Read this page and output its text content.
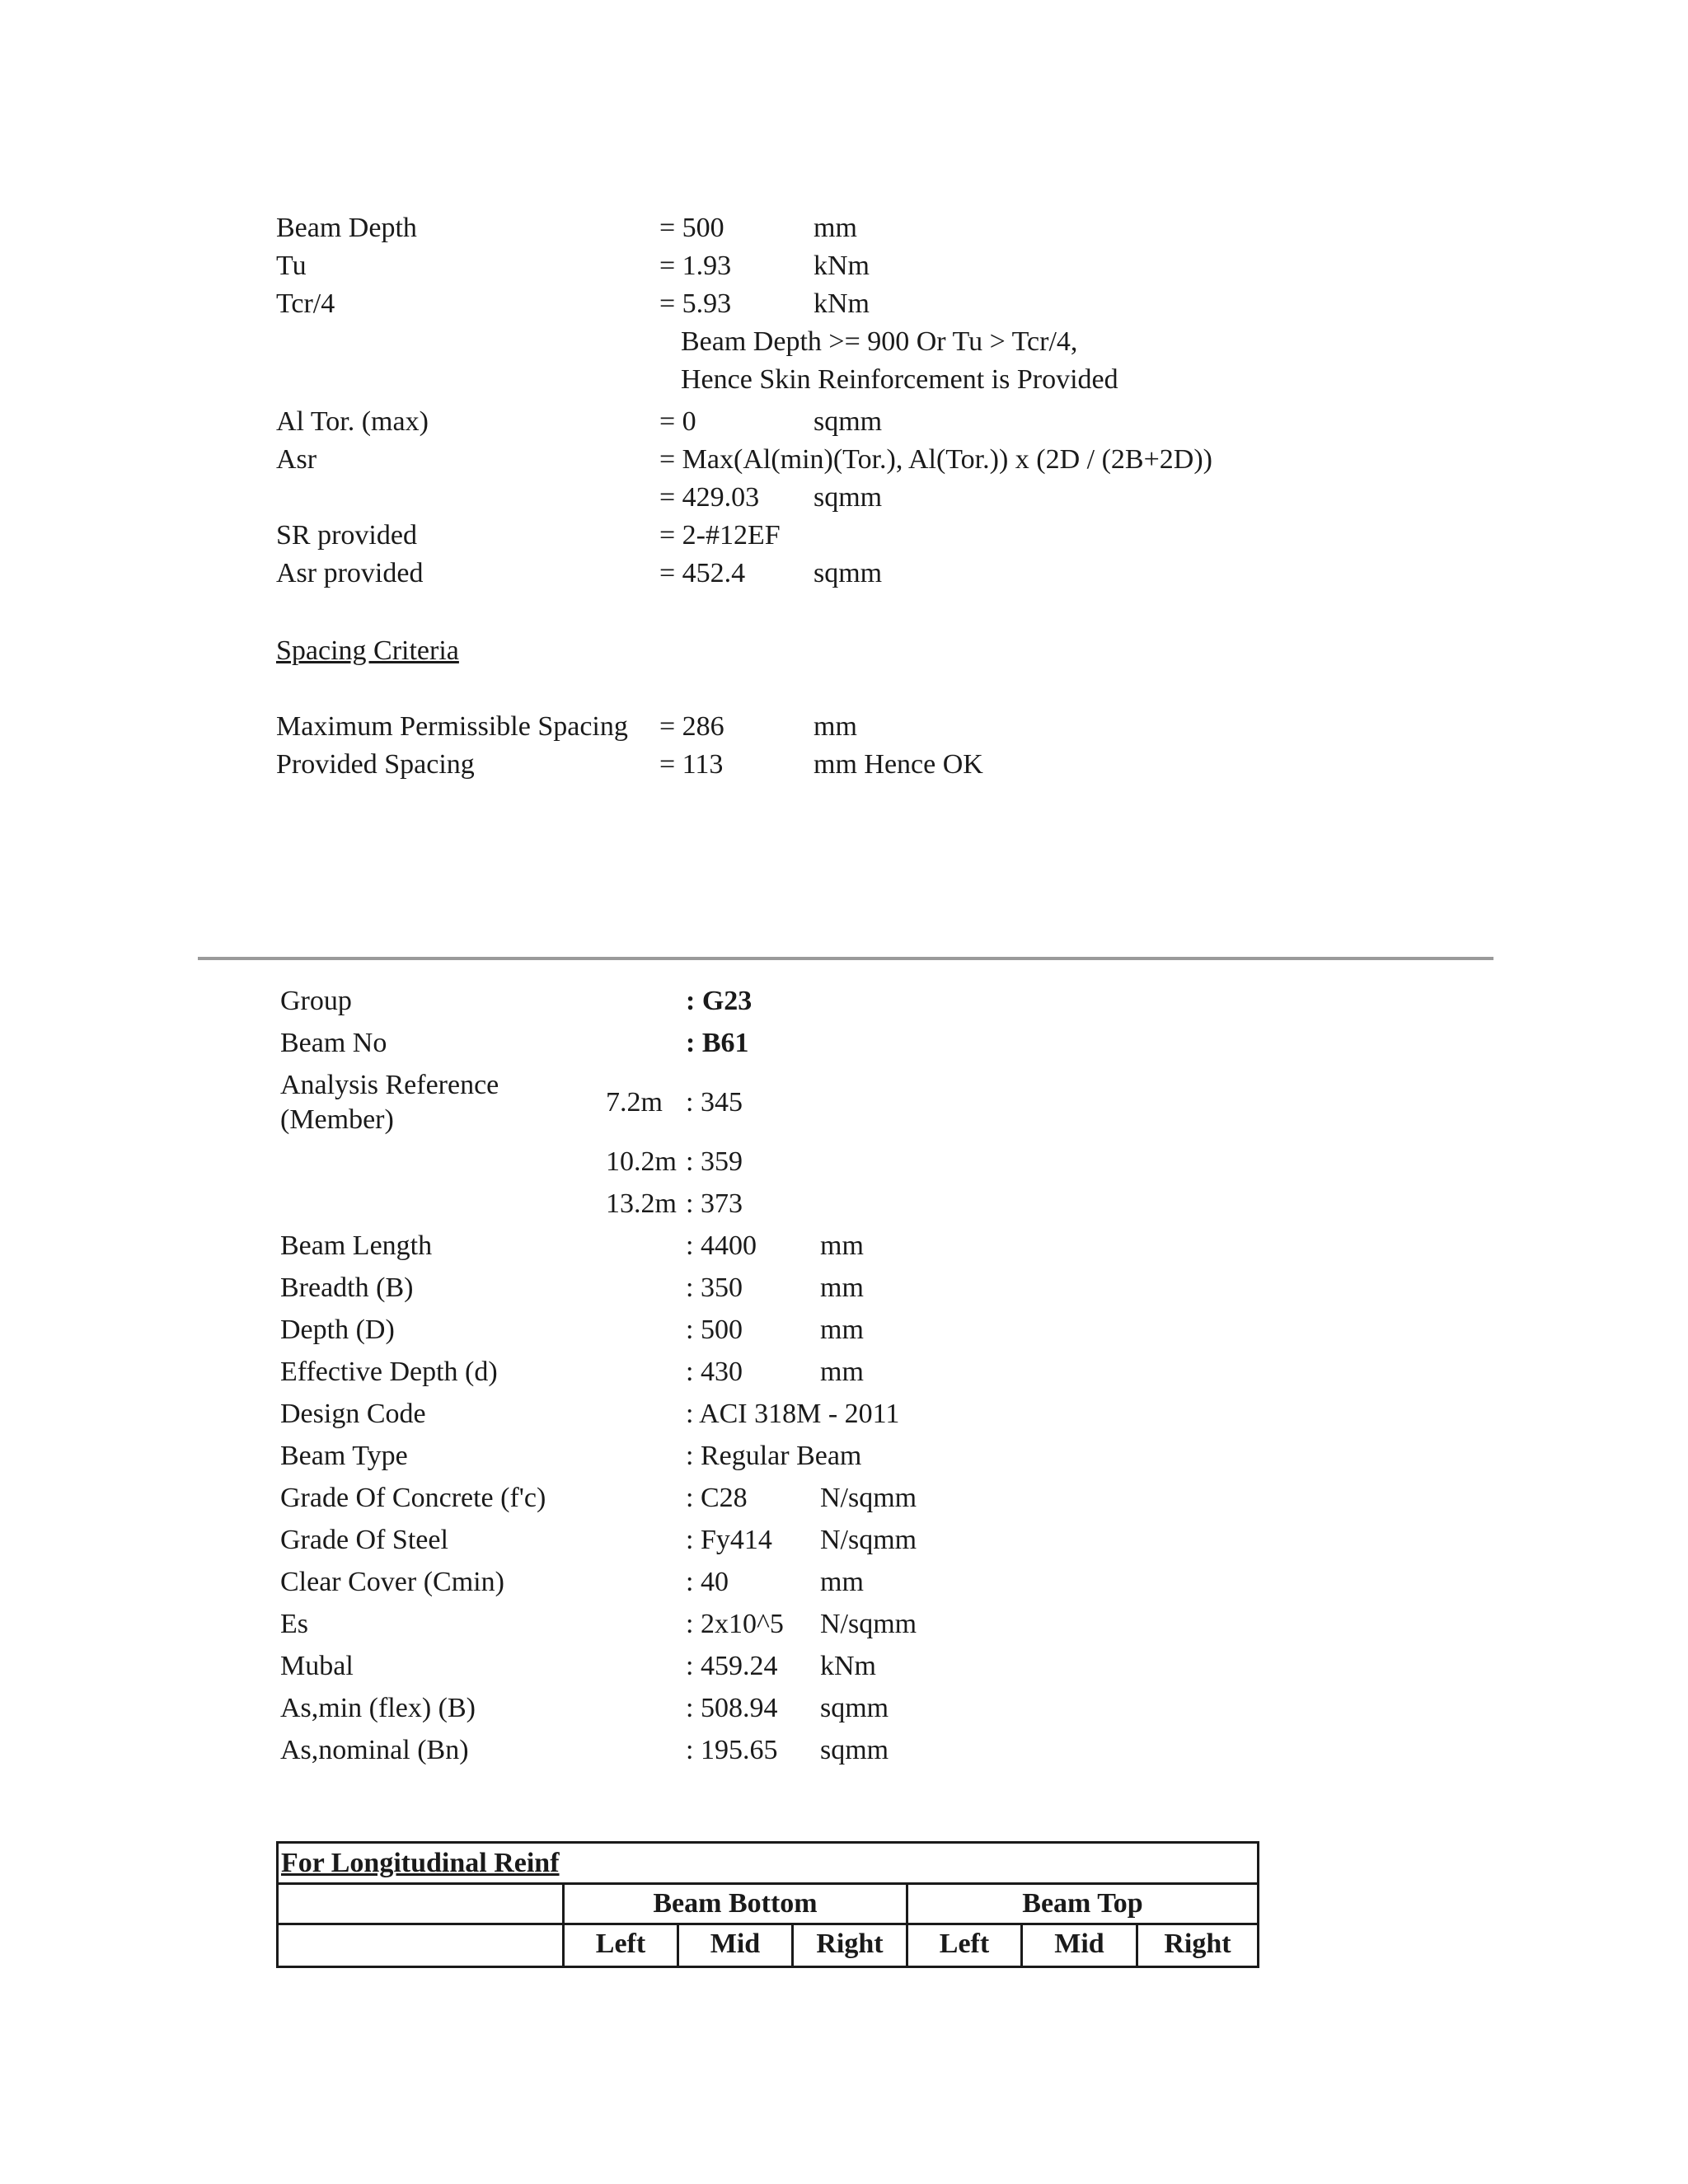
Beam Depth	= 500	mm
Tu	= 1.93	kNm
Tcr/4	= 5.93	kNm
Beam Depth >= 900 Or Tu > Tcr/4,
Hence Skin Reinforcement is Provided
Al Tor. (max)	= 0	sqmm
Asr	= Max(Al(min)(Tor.), Al(Tor.)) x (2D / (2B+2D))
= 429.03 sqmm
SR provided	= 2-#12EF
Asr provided	= 452.4 sqmm
Spacing Criteria
Maximum Permissible Spacing = 286	mm
Provided Spacing	= 113	mm Hence OK
Group	: G23
Beam No	: B61
Analysis Reference
(Member)
7.2m : 345
10.2m : 359
13.2m : 373
Beam Length	: 4400 mm
Breadth (B)	: 350	mm
Depth (D)	: 500	mm
Effective Depth (d)	: 430	mm
Design Code	: ACI 318M - 2011
Beam Type	: Regular Beam
Grade Of Concrete (f'c)	: C28	N/sqmm
Grade Of Steel	: Fy414 N/sqmm
Clear Cover (Cmin)	: 40	mm
Es	: 2x10^5 N/sqmm
Mubal	: 459.24 kNm
As,min (flex) (B)	: 508.94 sqmm
As,nominal (Bn)	: 195.65 sqmm
For Longitudinal Reinf
Beam Bottom	Beam Top
Left	Mid	Right	Left	Mid	Right
